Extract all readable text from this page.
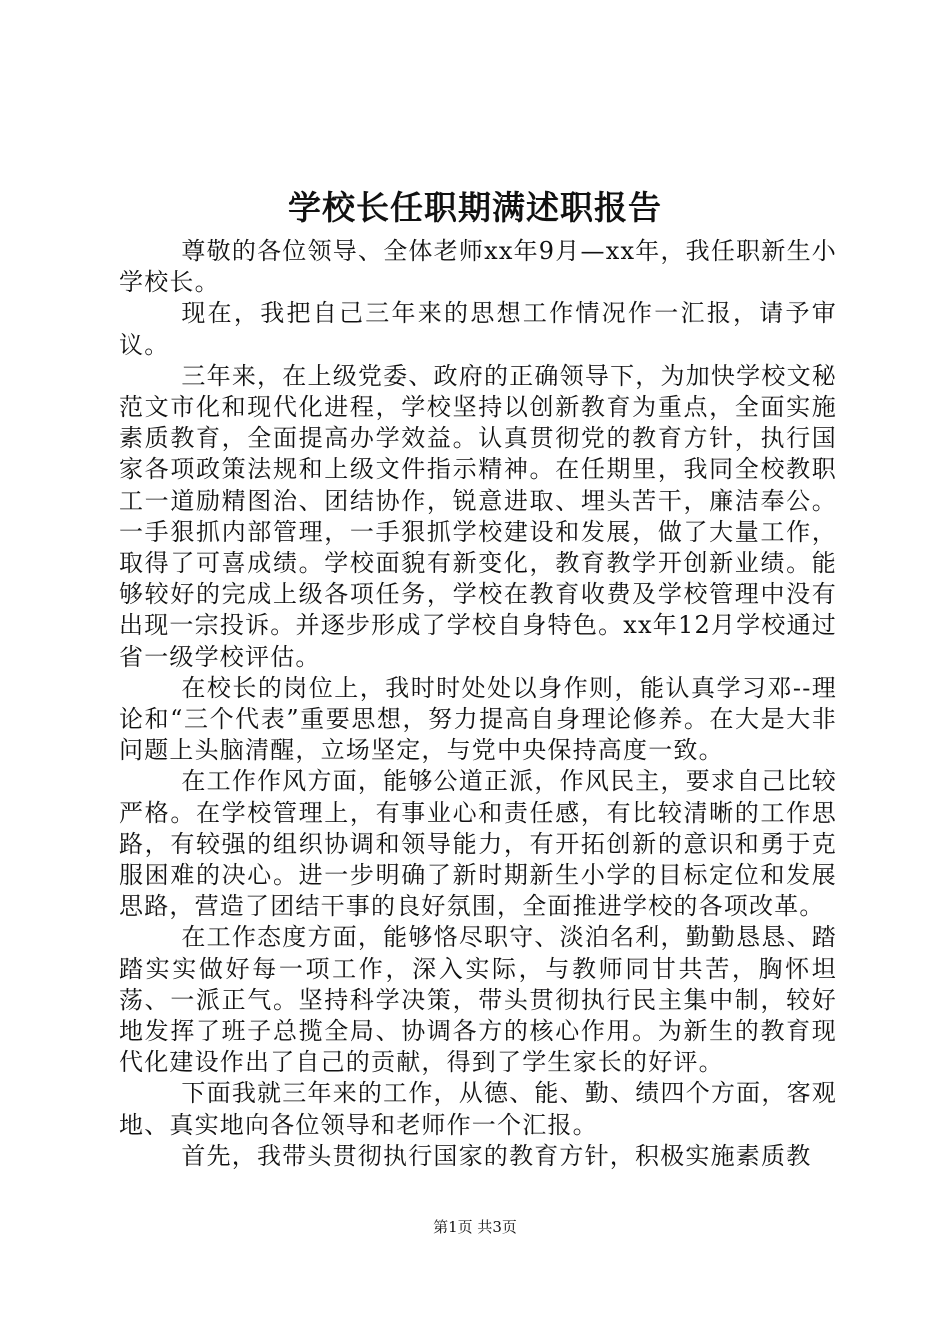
学校长任职期满述职报告

尊敬的各位领导、全体老师xx年9月—xx年，我任职新生小学校长。

现在，我把自己三年来的思想工作情况作一汇报，请予审议。

三年来，在上级党委、政府的正确领导下，为加快学校文秘范文市化和现代化进程，学校坚持以创新教育为重点，全面实施素质教育，全面提高办学效益。认真贯彻党的教育方针，执行国家各项政策法规和上级文件指示精神。在任期里，我同全校教职工一道励精图治、团结协作，锐意进取、埋头苦干，廉洁奉公。一手狠抓内部管理，一手狠抓学校建设和发展，做了大量工作，取得了可喜成绩。学校面貌有新变化，教育教学开创新业绩。能够较好的完成上级各项任务，学校在教育收费及学校管理中没有出现一宗投诉。并逐步形成了学校自身特色。xx年12月学校通过省一级学校评估。

在校长的岗位上，我时时处处以身作则，能认真学习邓--理论和“三个代表”重要思想，努力提高自身理论修养。在大是大非问题上头脑清醒，立场坚定，与党中央保持高度一致。

在工作作风方面，能够公道正派，作风民主，要求自己比较严格。在学校管理上，有事业心和责任感，有比较清晰的工作思路，有较强的组织协调和领导能力，有开拓创新的意识和勇于克服困难的决心。进一步明确了新时期新生小学的目标定位和发展思路，营造了团结干事的良好氛围，全面推进学校的各项改革。

在工作态度方面，能够恪尽职守、淡泊名利，勤勤恳恳、踏踏实实做好每一项工作，深入实际，与教师同甘共苦，胸怀坦荡、一派正气。坚持科学决策，带头贯彻执行民主集中制，较好地发挥了班子总揽全局、协调各方的核心作用。为新生的教育现代化建设作出了自己的贡献，得到了学生家长的好评。

下面我就三年来的工作，从德、能、勤、绩四个方面，客观地、真实地向各位领导和老师作一个汇报。

首先，我带头贯彻执行国家的教育方针，积极实施素质教

第1页 共3页
